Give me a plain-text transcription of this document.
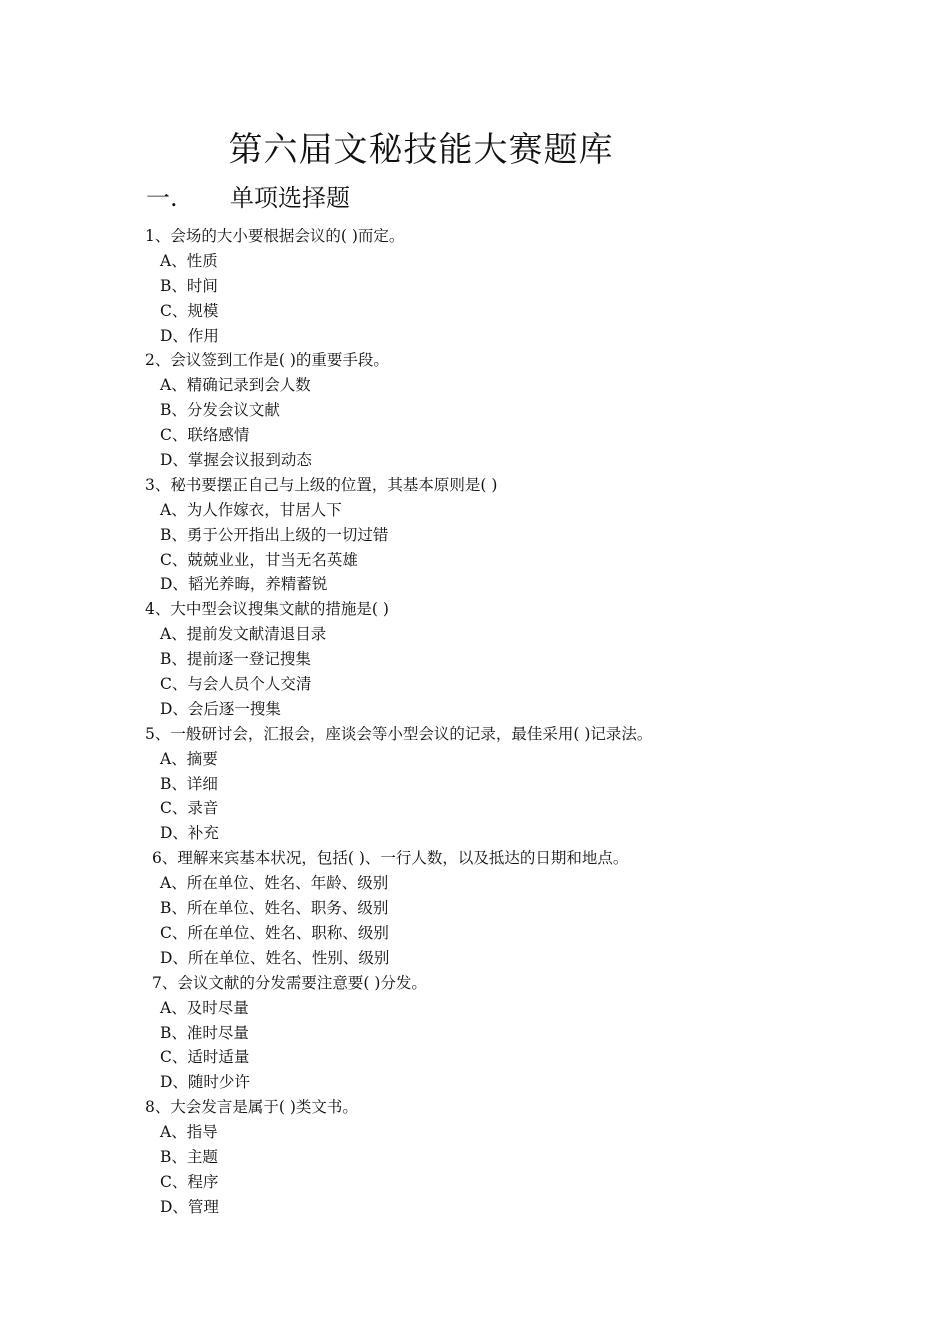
第六届文秘技能大赛题库
一. 单项选择题
1、会场的大小要根据会议的( )而定。
A、性质
B、时间
C、规模
D、作用
2、会议签到工作是( )的重要手段。
A、精确记录到会人数
B、分发会议文献
C、联络感情
D、掌握会议报到动态
3、秘书要摆正自己与上级的位置，其基本原则是( )
A、为人作嫁衣，甘居人下
B、勇于公开指出上级的一切过错
C、兢兢业业，甘当无名英雄
D、韬光养晦，养精蓄锐
4、大中型会议搜集文献的措施是( )
A、提前发文献清退目录
B、提前逐一登记搜集
C、与会人员个人交清
D、会后逐一搜集
5、一般研讨会，汇报会，座谈会等小型会议的记录，最佳采用( )记录法。
A、摘要
B、详细
C、录音
D、补充
6、理解来宾基本状况，包括( )、一行人数，以及抵达的日期和地点。
A、所在单位、姓名、年龄、级别
B、所在单位、姓名、职务、级别
C、所在单位、姓名、职称、级别
D、所在单位、姓名、性别、级别
7、会议文献的分发需要注意要( )分发。
A、及时尽量
B、准时尽量
C、适时适量
D、随时少许
8、大会发言是属于( )类文书。
A、指导
B、主题
C、程序
D、管理
